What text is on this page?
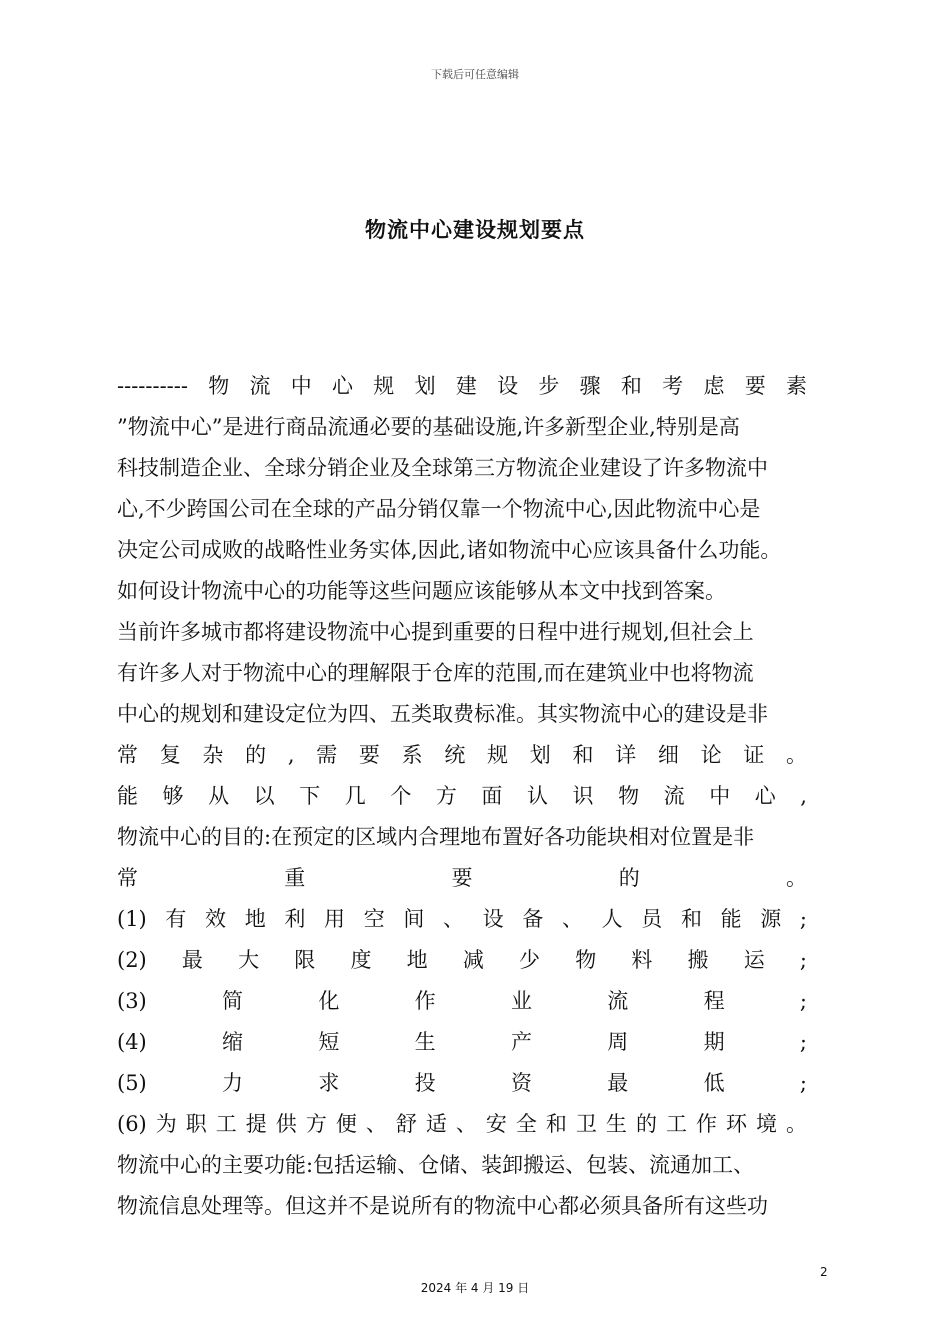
下载后可任意编辑
物流中心建设规划要点
----------物流中心规划建设步骤和考虑要素
”物流中心”是进行商品流通必要的基础设施,许多新型企业,特别是高
科技制造企业、全球分销企业及全球第三方物流企业建设了许多物流中
心,不少跨国公司在全球的产品分销仅靠一个物流中心,因此物流中心是
决定公司成败的战略性业务实体,因此,诸如物流中心应该具备什么功能。
如何设计物流中心的功能等这些问题应该能够从本文中找到答案。
当前许多城市都将建设物流中心提到重要的日程中进行规划,但社会上
有许多人对于物流中心的理解限于仓库的范围,而在建筑业中也将物流
中心的规划和建设定位为四、五类取费标准。其实物流中心的建设是非
常复杂的,需要系统规划和详细论证。
能够从以下几个方面认识物流中心,
物流中心的目的:在预定的区域内合理地布置好各功能块相对位置是非
常重要的。
(1)有效地利用空间、设备、人员和能源;
(2)最大限度地减少物料搬运;
(3)简化作业流程;
(4)缩短生产周期;
(5)力求投资最低;
(6)为职工提供方便、舒适、安全和卫生的工作环境。
物流中心的主要功能:包括运输、仓储、装卸搬运、包装、流通加工、
物流信息处理等。但这并不是说所有的物流中心都必须具备所有这些功
2
2024 年 4 月 19 日
